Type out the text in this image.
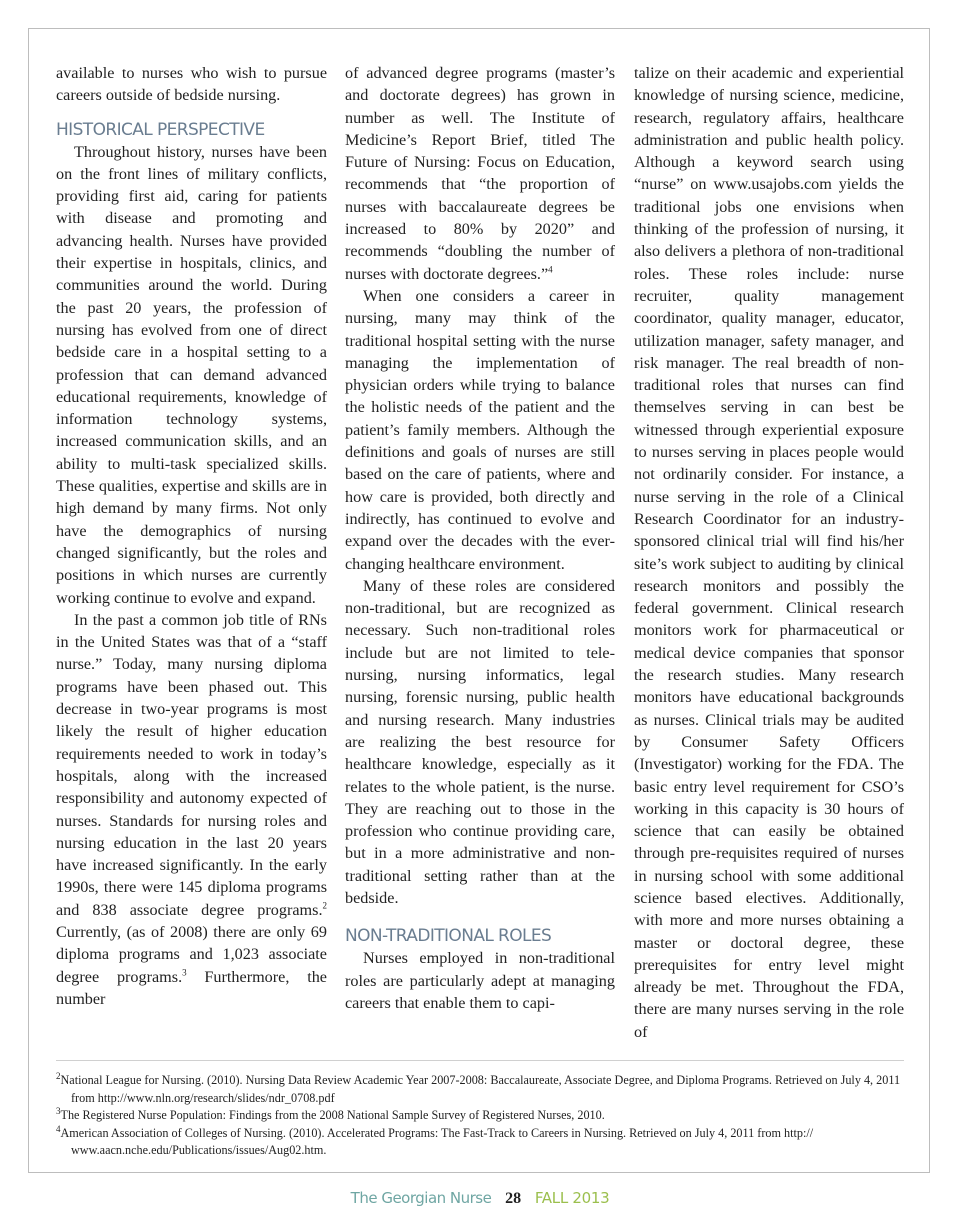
available to nurses who wish to pursue careers outside of bedside nursing.

HISTORICAL PERSPECTIVE

Throughout history, nurses have been on the front lines of military conflicts, providing first aid, caring for patients with disease and promoting and advancing health. Nurses have provided their expertise in hospitals, clinics, and communities around the world. During the past 20 years, the profession of nursing has evolved from one of direct bedside care in a hospital setting to a profession that can demand advanced educational requirements, knowledge of information technology systems, increased communication skills, and an ability to multi-task specialized skills. These qualities, expertise and skills are in high demand by many firms. Not only have the demographics of nursing changed significantly, but the roles and positions in which nurses are currently working continue to evolve and expand.

In the past a common job title of RNs in the United States was that of a “staff nurse.” Today, many nursing diploma programs have been phased out. This decrease in two-year programs is most likely the result of higher education requirements needed to work in today’s hospitals, along with the increased responsibility and autonomy expected of nurses. Standards for nursing roles and nursing education in the last 20 years have increased significantly. In the early 1990s, there were 145 diploma programs and 838 associate degree programs.$^2$ Currently, (as of 2008) there are only 69 diploma programs and 1,023 associate degree programs.$^3$ Furthermore, the number

of advanced degree programs (master’s and doctorate degrees) has grown in number as well. The Institute of Medicine’s Report Brief, titled The Future of Nursing: Focus on Education, recommends that “the proportion of nurses with baccalaureate degrees be increased to 80% by 2020” and recommends “doubling the number of nurses with doctorate degrees.”$^4$

When one considers a career in nursing, many may think of the traditional hospital setting with the nurse managing the implementation of physician orders while trying to balance the holistic needs of the patient and the patient’s family members. Although the definitions and goals of nurses are still based on the care of patients, where and how care is provided, both directly and indirectly, has continued to evolve and expand over the decades with the ever-changing healthcare environment.

Many of these roles are considered non-traditional, but are recognized as necessary. Such non-traditional roles include but are not limited to tele-nursing, nursing informatics, legal nursing, forensic nursing, public health and nursing research. Many industries are realizing the best resource for healthcare knowledge, especially as it relates to the whole patient, is the nurse. They are reaching out to those in the profession who continue providing care, but in a more administrative and non-traditional setting rather than at the bedside.

NON-TRADITIONAL ROLES

Nurses employed in non-traditional roles are particularly adept at managing careers that enable them to capi-

talize on their academic and experiential knowledge of nursing science, medicine, research, regulatory affairs, healthcare administration and public health policy. Although a keyword search using “nurse” on www.usajobs.com yields the traditional jobs one envisions when thinking of the profession of nursing, it also delivers a plethora of non-traditional roles. These roles include: nurse recruiter, quality management coordinator, quality manager, educator, utilization manager, safety manager, and risk manager. The real breadth of non-traditional roles that nurses can find themselves serving in can best be witnessed through experiential exposure to nurses serving in places people would not ordinarily consider. For instance, a nurse serving in the role of a Clinical Research Coordinator for an industry-sponsored clinical trial will find his/her site’s work subject to auditing by clinical research monitors and possibly the federal government. Clinical research monitors work for pharmaceutical or medical device companies that sponsor the research studies. Many research monitors have educational backgrounds as nurses. Clinical trials may be audited by Consumer Safety Officers (Investigator) working for the FDA. The basic entry level requirement for CSO’s working in this capacity is 30 hours of science that can easily be obtained through pre-requisites required of nurses in nursing school with some additional science based electives. Additionally, with more and more nurses obtaining a master or doctoral degree, these prerequisites for entry level might already be met. Throughout the FDA, there are many nurses serving in the role of

$^2$National League for Nursing. (2010). Nursing Data Review Academic Year 2007-2008: Baccalaureate, Associate Degree, and Diploma Programs. Retrieved on July 4, 2011 from http://www.nln.org/research/slides/ndr_0708.pdf
$^3$The Registered Nurse Population: Findings from the 2008 National Sample Survey of Registered Nurses, 2010.
$^4$American Association of Colleges of Nursing. (2010). Accelerated Programs: The Fast-Track to Careers in Nursing. Retrieved on July 4, 2011 from http:// www.aacn.nche.edu/Publications/issues/Aug02.htm.
The Georgian Nurse 28 FALL 2013
